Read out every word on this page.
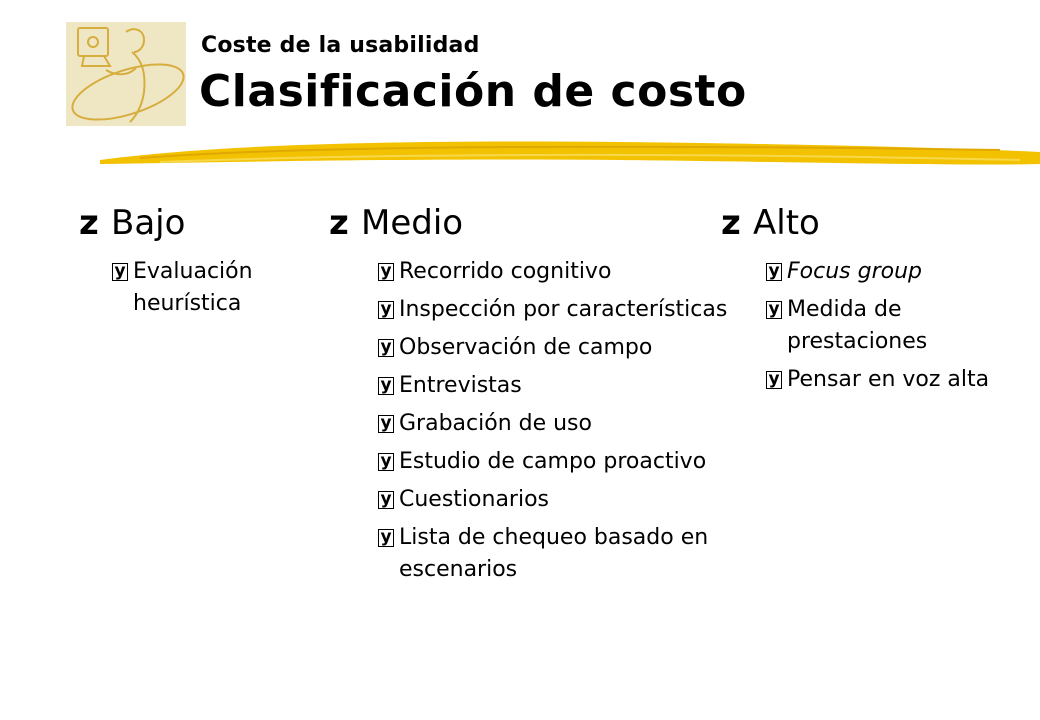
Coste de la usabilidad
Clasificación de costo
z Bajo
y Evaluación heurística
z Medio
y Recorrido cognitivo
y Inspección por características
y Observación de campo
y Entrevistas
y Grabación de uso
y Estudio de campo proactivo
y Cuestionarios
y Lista de chequeo basado en escenarios
z Alto
y Focus group
y Medida de prestaciones
y Pensar en voz alta
